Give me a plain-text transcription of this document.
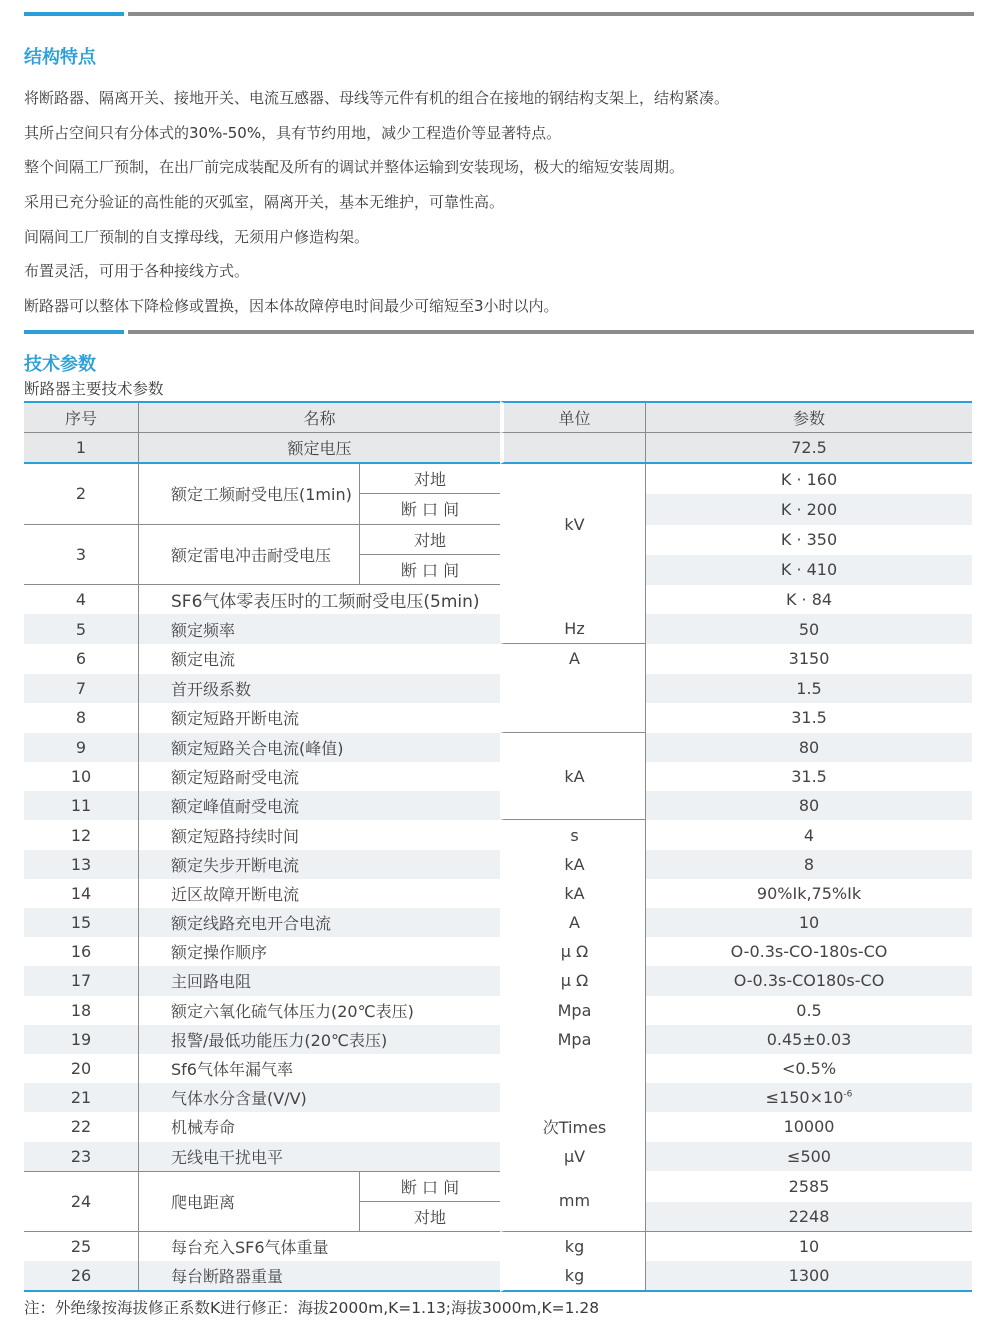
结构特点
将断路器、隔离开关、接地开关、电流互感器、母线等元件有机的组合在接地的钢结构支架上，结构紧凑。
其所占空间只有分体式的30%-50%，具有节约用地，减少工程造价等显著特点。
整个间隔工厂预制，在出厂前完成装配及所有的调试并整体运输到安装现场，极大的缩短安装周期。
采用已充分验证的高性能的灭弧室，隔离开关，基本无维护，可靠性高。
间隔间工厂预制的自支撑母线，无须用户修造构架。
布置灵活，可用于各种接线方式。
断路器可以整体下降检修或置换，因本体故障停电时间最少可缩短至3小时以内。
技术参数
断路器主要技术参数
序号	名称		单位	参数
1	额定电压			72.5
2	额定工频耐受电压(1min)	对地	kV	K · 160
		断 口 间		K · 200
3	额定雷电冲击耐受电压	对地		K · 350
		断 口 间		K · 410
4	SF6气体零表压时的工频耐受电压(5min)			K · 84
5	额定频率		Hz	50
6	额定电流		A	3150
7	首开级系数			1.5
8	额定短路开断电流			31.5
9	额定短路关合电流(峰值)		kA	80
10	额定短路耐受电流			31.5
11	额定峰值耐受电流			80
12	额定短路持续时间		s	4
13	额定失步开断电流		kA	8
14	近区故障开断电流		kA	90%Ik,75%Ik
15	额定线路充电开合电流		A	10
16	额定操作顺序		μ Ω	O-0.3s-CO-180s-CO
17	主回路电阻		μ Ω	O-0.3s-CO180s-CO
18	额定六氧化硫气体压力(20℃表压)		Mpa	0.5
19	报警/最低功能压力(20℃表压)		Mpa	0.45±0.03
20	Sf6气体年漏气率			<0.5%
21	气体水分含量(V/V)			$\le 150\times 10^{-6}$
22	机械寿命		次Times	10000
23	无线电干扰电平		μV	≤500
24	爬电距离	断 口 间	mm	2585
		对地		2248
25	每台充入SF6气体重量		kg	10
26	每台断路器重量		kg	1300
注：外绝缘按海拔修正系数K进行修正：海拔2000m,K=1.13;海拔3000m,K=1.28
